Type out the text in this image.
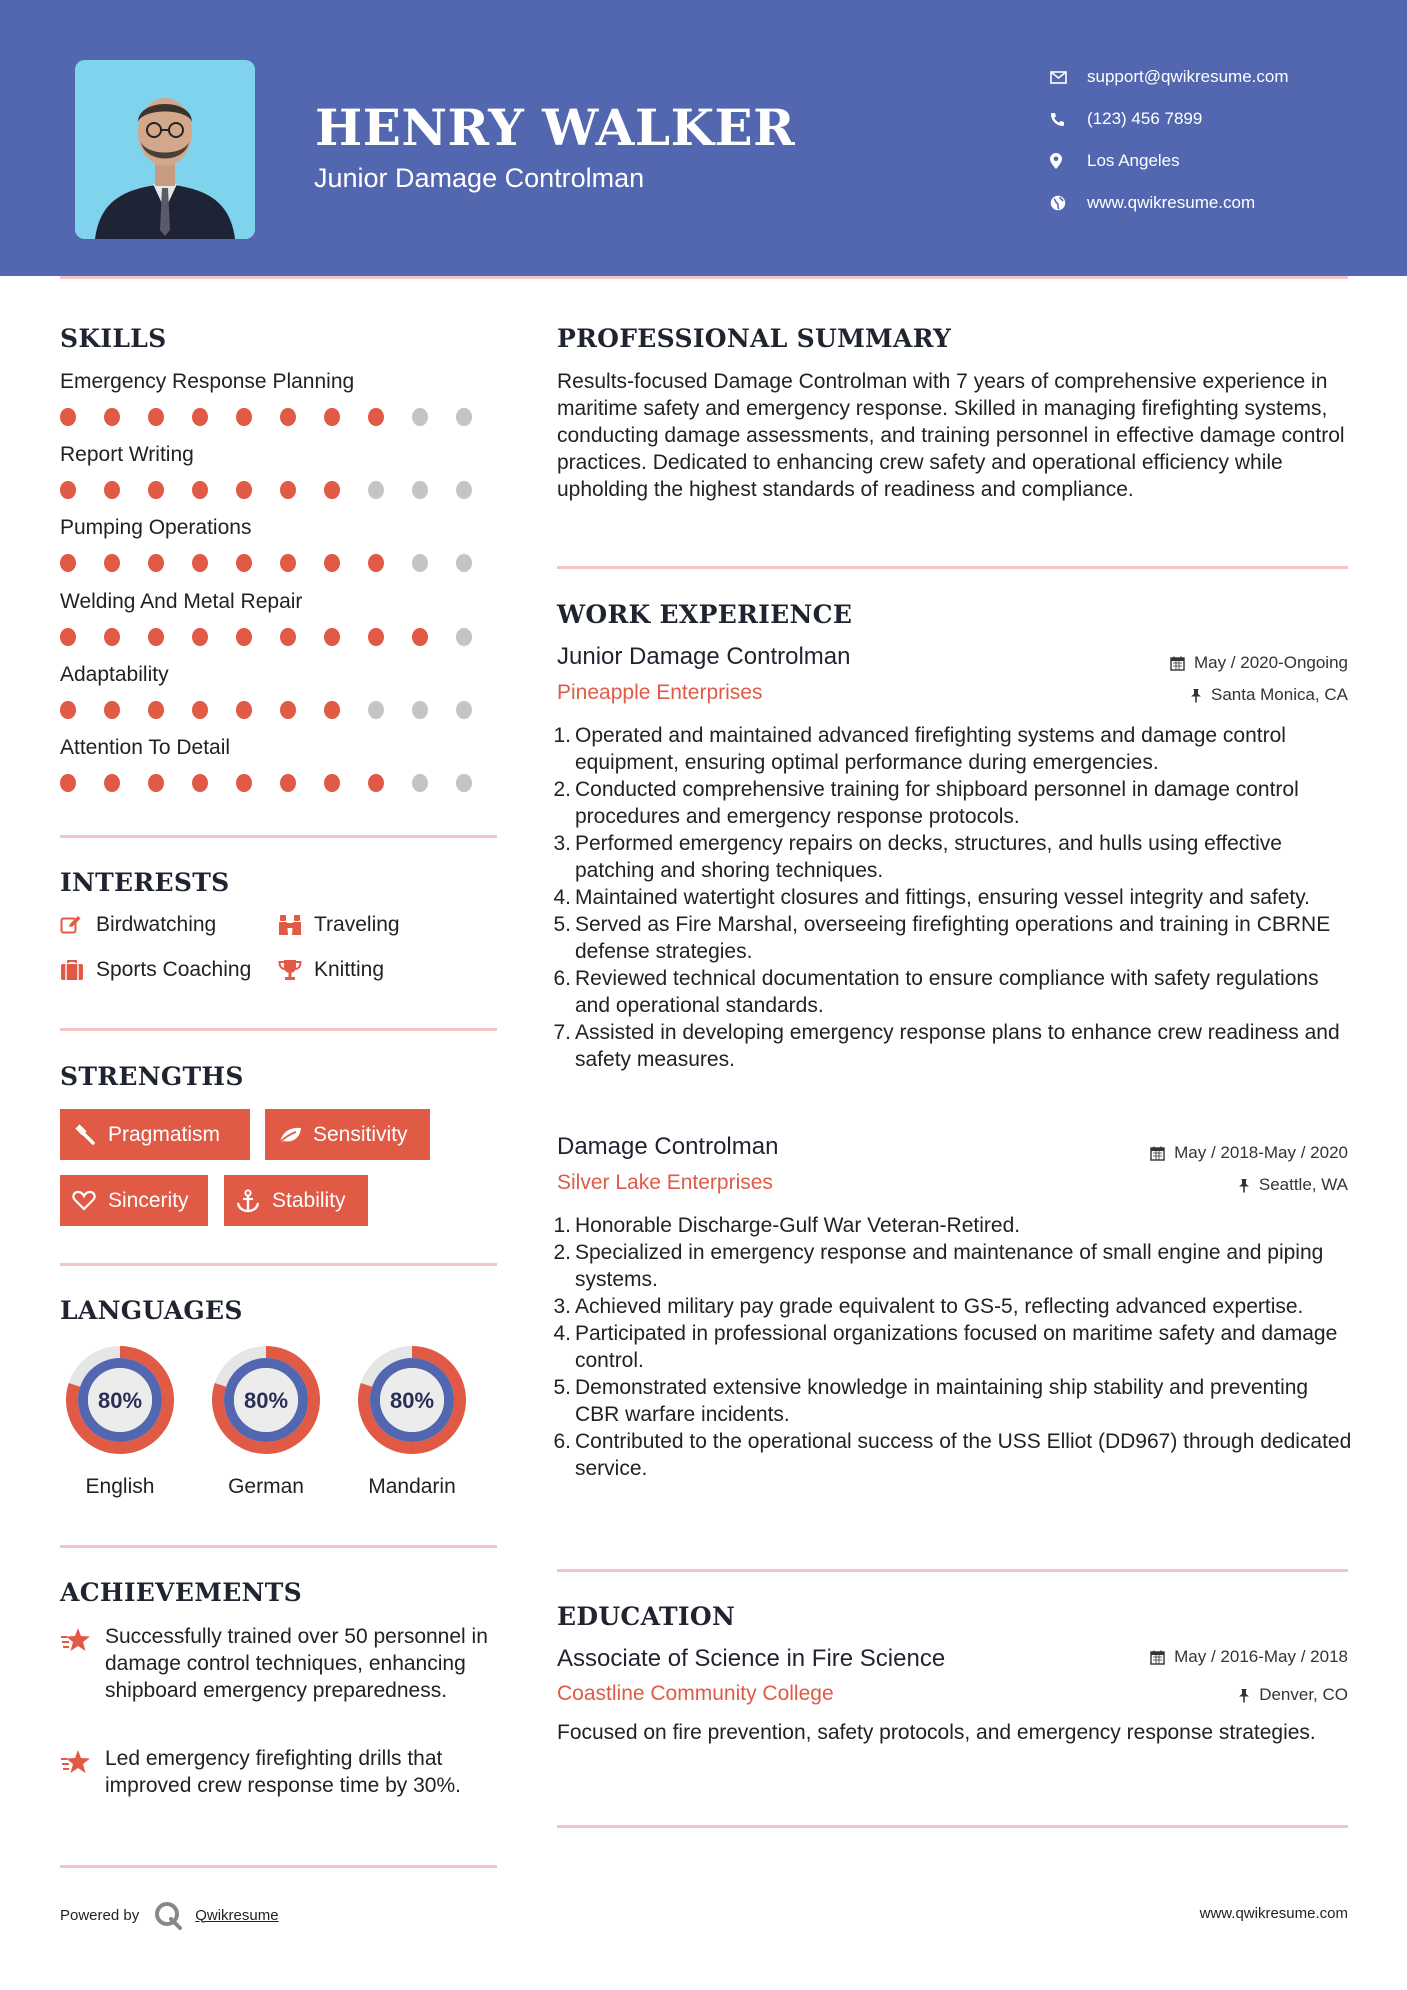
HENRY WALKER
Junior Damage Controlman
support@qwikresume.com
(123) 456 7899
Los Angeles
www.qwikresume.com
SKILLS
Emergency Response Planning
Report Writing
Pumping Operations
Welding And Metal Repair
Adaptability
Attention To Detail
INTERESTS
Birdwatching	Traveling
Sports Coaching	Knitting
STRENGTHS
Pragmatism	Sensitivity
Sincerity	Stability
LANGUAGES
80%
English
80%
German
80%
Mandarin
ACHIEVEMENTS
Successfully trained over 50 personnel in damage control techniques, enhancing shipboard emergency preparedness.
Led emergency firefighting drills that improved crew response time by 30%.
PROFESSIONAL SUMMARY
Results-focused Damage Controlman with 7 years of comprehensive experience in maritime safety and emergency response. Skilled in managing firefighting systems, conducting damage assessments, and training personnel in effective damage control practices. Dedicated to enhancing crew safety and operational efficiency while upholding the highest standards of readiness and compliance.
WORK EXPERIENCE
Junior Damage Controlman	May / 2020-Ongoing
Pineapple Enterprises	Santa Monica, CA
1. Operated and maintained advanced firefighting systems and damage control equipment, ensuring optimal performance during emergencies.
2. Conducted comprehensive training for shipboard personnel in damage control procedures and emergency response protocols.
3. Performed emergency repairs on decks, structures, and hulls using effective patching and shoring techniques.
4. Maintained watertight closures and fittings, ensuring vessel integrity and safety.
5. Served as Fire Marshal, overseeing firefighting operations and training in CBRNE defense strategies.
6. Reviewed technical documentation to ensure compliance with safety regulations and operational standards.
7. Assisted in developing emergency response plans to enhance crew readiness and safety measures.
Damage Controlman	May / 2018-May / 2020
Silver Lake Enterprises	Seattle, WA
1. Honorable Discharge-Gulf War Veteran-Retired.
2. Specialized in emergency response and maintenance of small engine and piping systems.
3. Achieved military pay grade equivalent to GS-5, reflecting advanced expertise.
4. Participated in professional organizations focused on maritime safety and damage control.
5. Demonstrated extensive knowledge in maintaining ship stability and preventing CBR warfare incidents.
6. Contributed to the operational success of the USS Elliot (DD967) through dedicated service.
EDUCATION
Associate of Science in Fire Science	May / 2016-May / 2018
Coastline Community College	Denver, CO
Focused on fire prevention, safety protocols, and emergency response strategies.
Powered by	Qwikresume	www.qwikresume.com
